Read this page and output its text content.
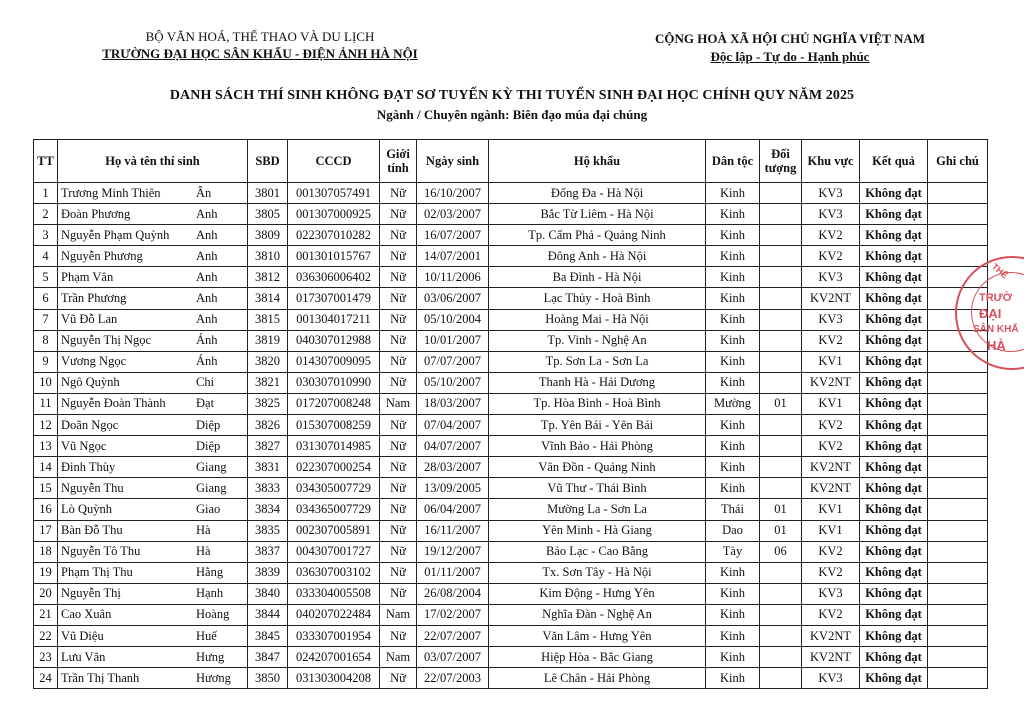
BỘ VĂN HOÁ, THỂ THAO VÀ DU LỊCH
TRƯỜNG ĐẠI HỌC SÂN KHẤU - ĐIỆN ẢNH HÀ NỘI
CỘNG HOÀ XÃ HỘI CHỦ NGHĨA VIỆT NAM
Độc lập - Tự do - Hạnh phúc
DANH SÁCH THÍ SINH KHÔNG ĐẠT SƠ TUYỂN KỲ THI TUYỂN SINH ĐẠI HỌC CHÍNH QUY NĂM 2025
Ngành / Chuyên ngành: Biên đạo múa đại chúng
TT	Họ và tên thí sinh	SBD	CCCD	Giới tính	Ngày sinh	Hộ khẩu	Dân tộc	Đối tượng	Khu vực	Kết quả	Ghi chú
1	Trương Minh Thiên Ân	3801	001307057491	Nữ	16/10/2007	Đống Đa - Hà Nội	Kinh		KV3	Không đạt	
2	Đoàn Phương Anh	3805	001307000925	Nữ	02/03/2007	Bắc Từ Liêm - Hà Nội	Kinh		KV3	Không đạt	
3	Nguyễn Phạm Quỳnh Anh	3809	022307010282	Nữ	16/07/2007	Tp. Cẩm Phả - Quảng Ninh	Kinh		KV2	Không đạt	
4	Nguyễn Phương Anh	3810	001301015767	Nữ	14/07/2001	Đông Anh - Hà Nội	Kinh		KV2	Không đạt	
5	Phạm Vân Anh	3812	036306006402	Nữ	10/11/2006	Ba Đình - Hà Nội	Kinh		KV3	Không đạt	
6	Trần Phương Anh	3814	017307001479	Nữ	03/06/2007	Lạc Thủy - Hoà Bình	Kinh		KV2NT	Không đạt	
7	Vũ Đỗ Lan Anh	3815	001304017211	Nữ	05/10/2004	Hoàng Mai - Hà Nội	Kinh		KV3	Không đạt	
8	Nguyễn Thị Ngọc Ánh	3819	040307012988	Nữ	10/01/2007	Tp. Vinh - Nghệ An	Kinh		KV2	Không đạt	
9	Vương Ngọc Ánh	3820	014307009095	Nữ	07/07/2007	Tp. Sơn La - Sơn La	Kinh		KV1	Không đạt	
10	Ngô Quỳnh Chi	3821	030307010990	Nữ	05/10/2007	Thanh Hà - Hải Dương	Kinh		KV2NT	Không đạt	
11	Nguyễn Đoàn Thành Đạt	3825	017207008248	Nam	18/03/2007	Tp. Hòa Bình - Hoà Bình	Mường	01	KV1	Không đạt	
12	Doãn Ngọc Diệp	3826	015307008259	Nữ	07/04/2007	Tp. Yên Bái - Yên Bái	Kinh		KV2	Không đạt	
13	Vũ Ngọc Diệp	3827	031307014985	Nữ	04/07/2007	Vĩnh Bảo - Hải Phòng	Kinh		KV2	Không đạt	
14	Đinh Thùy Giang	3831	022307000254	Nữ	28/03/2007	Vân Đồn - Quảng Ninh	Kinh		KV2NT	Không đạt	
15	Nguyễn Thu Giang	3833	034305007729	Nữ	13/09/2005	Vũ Thư - Thái Bình	Kinh		KV2NT	Không đạt	
16	Lò Quỳnh Giao	3834	034365007729	Nữ	06/04/2007	Mường La - Sơn La	Thái	01	KV1	Không đạt	
17	Bàn Đỗ Thu Hà	3835	002307005891	Nữ	16/11/2007	Yên Minh - Hà Giang	Dao	01	KV1	Không đạt	
18	Nguyễn Tô Thu Hà	3837	004307001727	Nữ	19/12/2007	Bảo Lạc - Cao Bằng	Tày	06	KV2	Không đạt	
19	Phạm Thị Thu Hằng	3839	036307003102	Nữ	01/11/2007	Tx. Sơn Tây - Hà Nội	Kinh		KV2	Không đạt	
20	Nguyễn Thị Hạnh	3840	033304005508	Nữ	26/08/2004	Kim Động - Hưng Yên	Kinh		KV3	Không đạt	
21	Cao Xuân Hoàng	3844	040207022484	Nam	17/02/2007	Nghĩa Đàn - Nghệ An	Kinh		KV2	Không đạt	
22	Vũ Diệu Huế	3845	033307001954	Nữ	22/07/2007	Văn Lâm - Hưng Yên	Kinh		KV2NT	Không đạt	
23	Lưu Văn Hưng	3847	024207001654	Nam	03/07/2007	Hiệp Hòa - Bắc Giang	Kinh		KV2NT	Không đạt	
24	Trần Thị Thanh Hương	3850	031303004208	Nữ	22/07/2003	Lê Chân - Hải Phòng	Kinh		KV3	Không đạt	
THỂ
TRƯỜ
ĐẠI
SÂN KHẤ
HÀ
